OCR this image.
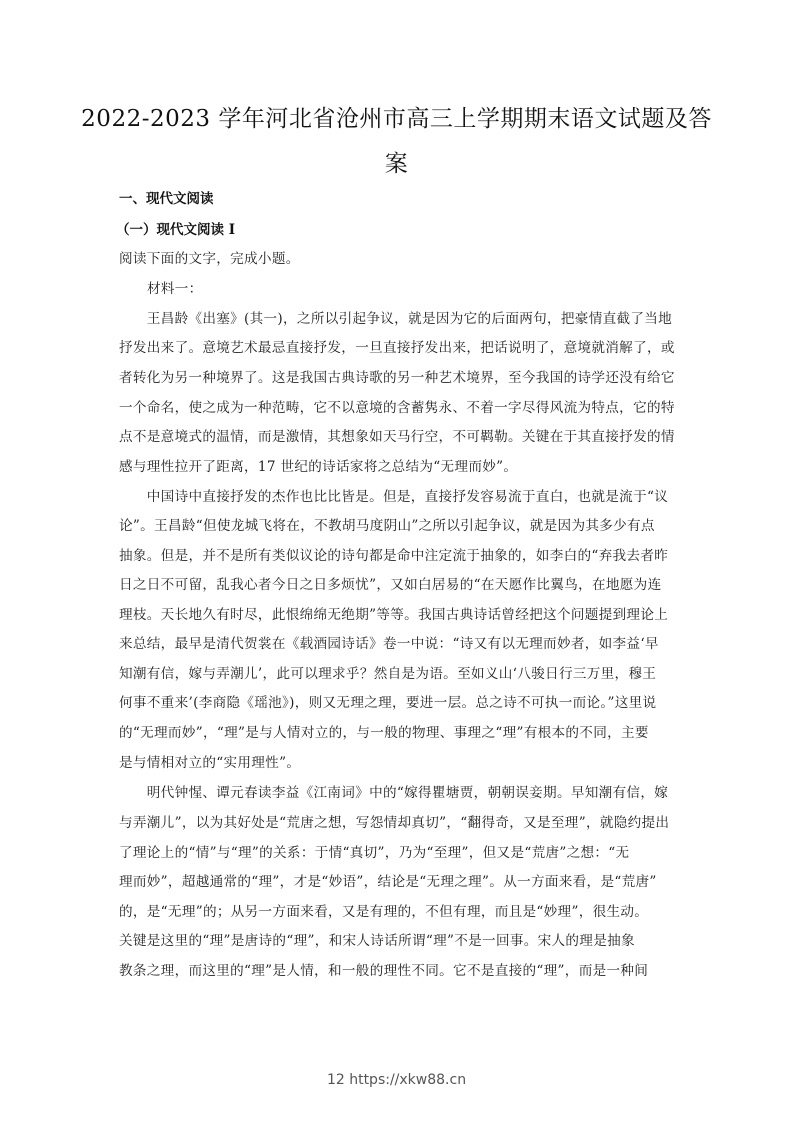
2022-2023 学年河北省沧州市高三上学期期末语文试题及答
案
一、现代文阅读
（一）现代文阅读 I
阅读下面的文字，完成小题。
材料一：
　　王昌龄《出塞》(其一)，之所以引起争议，就是因为它的后面两句，把豪情直截了当地
抒发出来了。意境艺术最忌直接抒发，一旦直接抒发出来，把话说明了，意境就消解了，或
者转化为另一种境界了。这是我国古典诗歌的另一种艺术境界，至今我国的诗学还没有给它
一个命名，使之成为一种范畴，它不以意境的含蓄隽永、不着一字尽得风流为特点，它的特
点不是意境式的温情，而是激情，其想象如天马行空，不可羁勒。关键在于其直接抒发的情
感与理性拉开了距离，17 世纪的诗话家将之总结为“无理而妙”。
　　中国诗中直接抒发的杰作也比比皆是。但是，直接抒发容易流于直白，也就是流于“议
论”。王昌龄“但使龙城飞将在，不教胡马度阴山”之所以引起争议，就是因为其多少有点
抽象。但是，并不是所有类似议论的诗句都是命中注定流于抽象的，如李白的“弃我去者昨
日之日不可留，乱我心者今日之日多烦忧”，又如白居易的“在天愿作比翼鸟，在地愿为连
理枝。天长地久有时尽，此恨绵绵无绝期”等等。我国古典诗话曾经把这个问题提到理论上
来总结，最早是清代贺裳在《载酒园诗话》卷一中说：“诗又有以无理而妙者，如李益‘早
知潮有信，嫁与弄潮儿’，此可以理求乎？然自是为语。至如义山‘八骏日行三万里，穆王
何事不重来’(李商隐《瑶池》)，则又无理之理，要进一层。总之诗不可执一而论。”这里说
的“无理而妙”，“理”是与人情对立的，与一般的物理、事理之“理”有根本的不同，主要
是与情相对立的“实用理性”。
　　明代钟惺、谭元春读李益《江南词》中的“嫁得瞿塘贾，朝朝误妾期。早知潮有信，嫁
与弄潮儿”，以为其好处是“荒唐之想，写怨情却真切”，“翻得奇，又是至理”，就隐约提出
了理论上的“情”与“理”的关系：于情“真切”，乃为“至理”，但又是“荒唐”之想：“无
理而妙”，超越通常的“理”，才是“妙语”，结论是“无理之理”。从一方面来看，是“荒唐”
的，是“无理”的；从另一方面来看，又是有理的，不但有理，而且是“妙理”，很生动。
关键是这里的“理”是唐诗的“理”，和宋人诗话所谓“理”不是一回事。宋人的理是抽象
教条之理，而这里的“理”是人情，和一般的理性不同。它不是直接的“理”，而是一种间
12 https://xkw88.cn
